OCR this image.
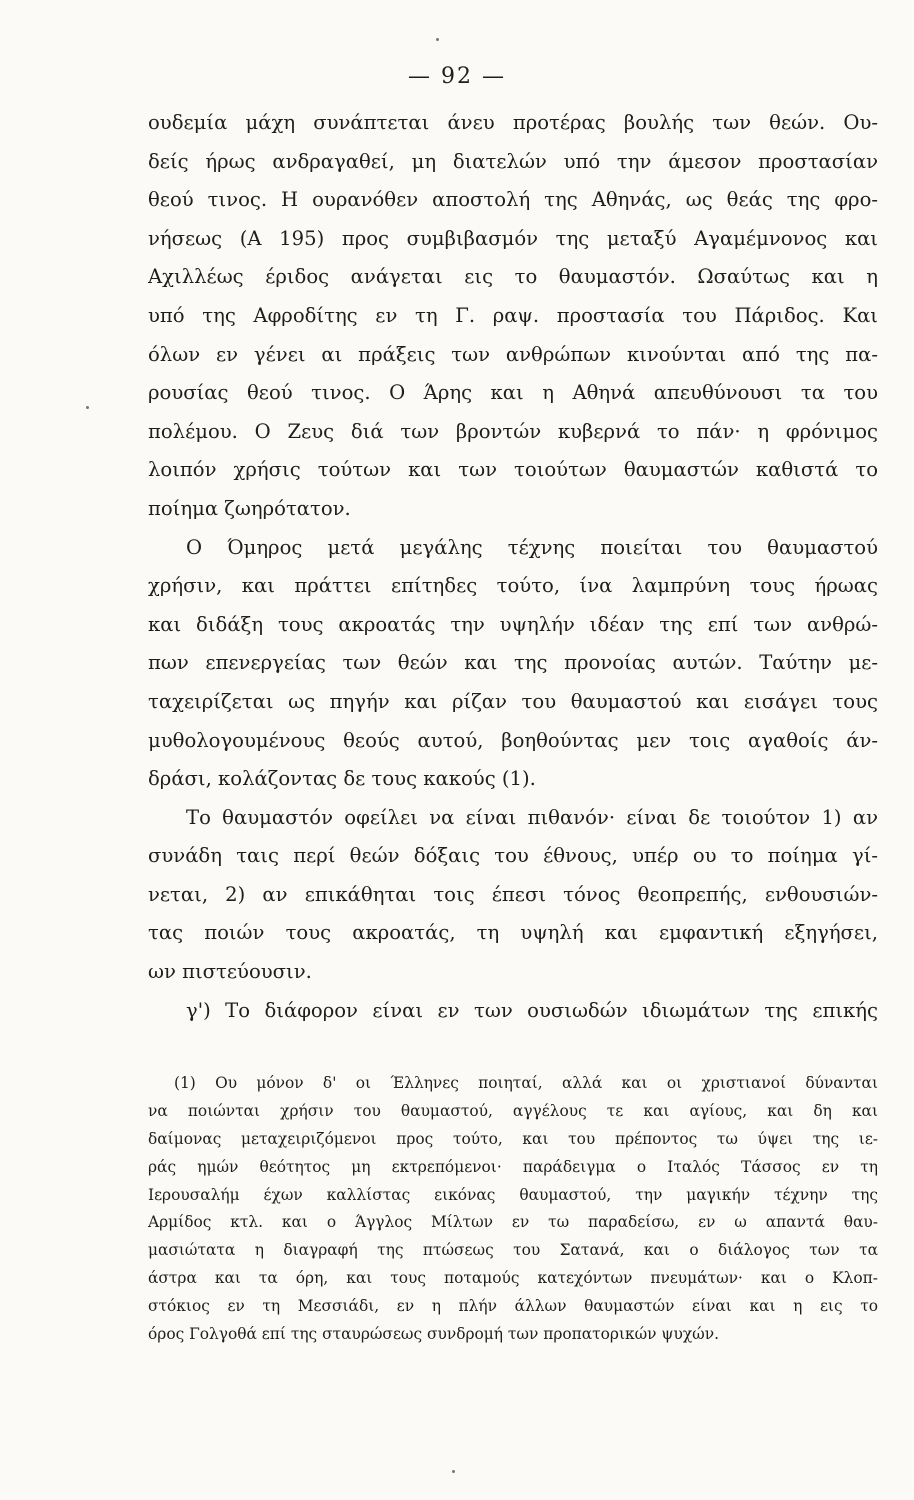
— 92 —
ουδεμία μάχη συνάπτεται άνευ προτέρας βουλής των θεών. Ου-
δείς ήρως ανδραγαθεί, μη διατελών υπό την άμεσον προστασίαν
θεού τινος. Η ουρανόθεν αποστολή της Αθηνάς, ως θεάς της φρο-
νήσεως (Α 195) προς συμβιβασμόν της μεταξύ Αγαμέμνονος και
Αχιλλέως έριδος ανάγεται εις το θαυμαστόν. Ωσαύτως και η
υπό της Αφροδίτης εν τη Γ. ραψ. προστασία του Πάριδος. Και
όλων εν γένει αι πράξεις των ανθρώπων κινούνται από της πα-
ρουσίας θεού τινος. Ο Άρης και η Αθηνά απευθύνουσι τα του
πολέμου. Ο Ζευς διά των βροντών κυβερνά το πάν· η φρόνιμος
λοιπόν χρήσις τούτων και των τοιούτων θαυμαστών καθιστά το
ποίημα ζωηρότατον.
Ο Όμηρος μετά μεγάλης τέχνης ποιείται του θαυμαστού
χρήσιν, και πράττει επίτηδες τούτο, ίνα λαμπρύνη τους ήρωας
και διδάξη τους ακροατάς την υψηλήν ιδέαν της επί των ανθρώ-
πων επενεργείας των θεών και της προνοίας αυτών. Ταύτην με-
ταχειρίζεται ως πηγήν και ρίζαν του θαυμαστού και εισάγει τους
μυθολογουμένους θεούς αυτού, βοηθούντας μεν τοις αγαθοίς άν-
δράσι, κολάζοντας δε τους κακούς (1).
Το θαυμαστόν οφείλει να είναι πιθανόν· είναι δε τοιούτον 1) αν
συνάδη ταις περί θεών δόξαις του έθνους, υπέρ ου το ποίημα γί-
νεται, 2) αν επικάθηται τοις έπεσι τόνος θεοπρεπής, ενθουσιών-
τας ποιών τους ακροατάς, τη υψηλή και εμφαντική εξηγήσει,
ων πιστεύουσιν.
γ') Το διάφορον είναι εν των ουσιωδών ιδιωμάτων της επικής
(1) Ου μόνον δ' οι Έλληνες ποιηταί, αλλά και οι χριστιανοί δύνανται
να ποιώνται χρήσιν του θαυμαστού, αγγέλους τε και αγίους, και δη και
δαίμονας μεταχειριζόμενοι προς τούτο, και του πρέποντος τω ύψει της ιε-
ράς ημών θεότητος μη εκτρεπόμενοι· παράδειγμα ο Ιταλός Τάσσος εν τη
Ιερουσαλήμ έχων καλλίστας εικόνας θαυμαστού, την μαγικήν τέχνην της
Αρμίδος κτλ. και ο Άγγλος Μίλτων εν τω παραδείσω, εν ω απαντά θαυ-
μασιώτατα η διαγραφή της πτώσεως του Σατανά, και ο διάλογος των τα
άστρα και τα όρη, και τους ποταμούς κατεχόντων πνευμάτων· και ο Κλοπ-
στόκιος εν τη Μεσσιάδι, εν η πλήν άλλων θαυμαστών είναι και η εις το
όρος Γολγοθά επί της σταυρώσεως συνδρομή των προπατορικών ψυχών.
